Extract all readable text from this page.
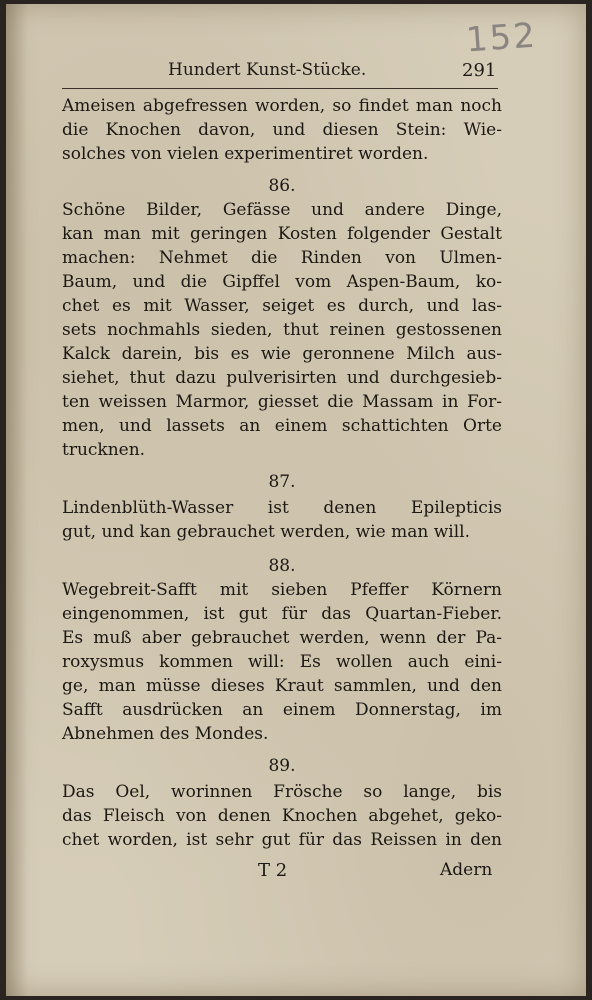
152
Hundert Kunst-Stücke.	291
Ameisen abgefressen worden, so findet man noch
die Knochen davon, und diesen Stein: Wie-
solches von vielen experimentiret worden.
86.
Schöne Bilder, Gefässe und andere Dinge,
kan man mit geringen Kosten folgender Gestalt
machen: Nehmet die Rinden von Ulmen-
Baum, und die Gipffel vom Aspen-Baum, ko-
chet es mit Wasser, seiget es durch, und las-
sets nochmahls sieden, thut reinen gestossenen
Kalck darein, bis es wie geronnene Milch aus-
siehet, thut dazu pulverisirten und durchgesieb-
ten weissen Marmor, giesset die Massam in For-
men, und lassets an einem schattichten Orte
trucknen.
87.
Lindenblüth-Wasser ist denen Epilepticis
gut, und kan gebrauchet werden, wie man will.
88.
Wegebreit-Safft mit sieben Pfeffer Körnern
eingenommen, ist gut für das Quartan-Fieber.
Es muß aber gebrauchet werden, wenn der Pa-
roxysmus kommen will: Es wollen auch eini-
ge, man müsse dieses Kraut sammlen, und den
Safft ausdrücken an einem Donnerstag, im
Abnehmen des Mondes.
89.
Das Oel, worinnen Frösche so lange, bis
das Fleisch von denen Knochen abgehet, geko-
chet worden, ist sehr gut für das Reissen in den
T 2	Adern
